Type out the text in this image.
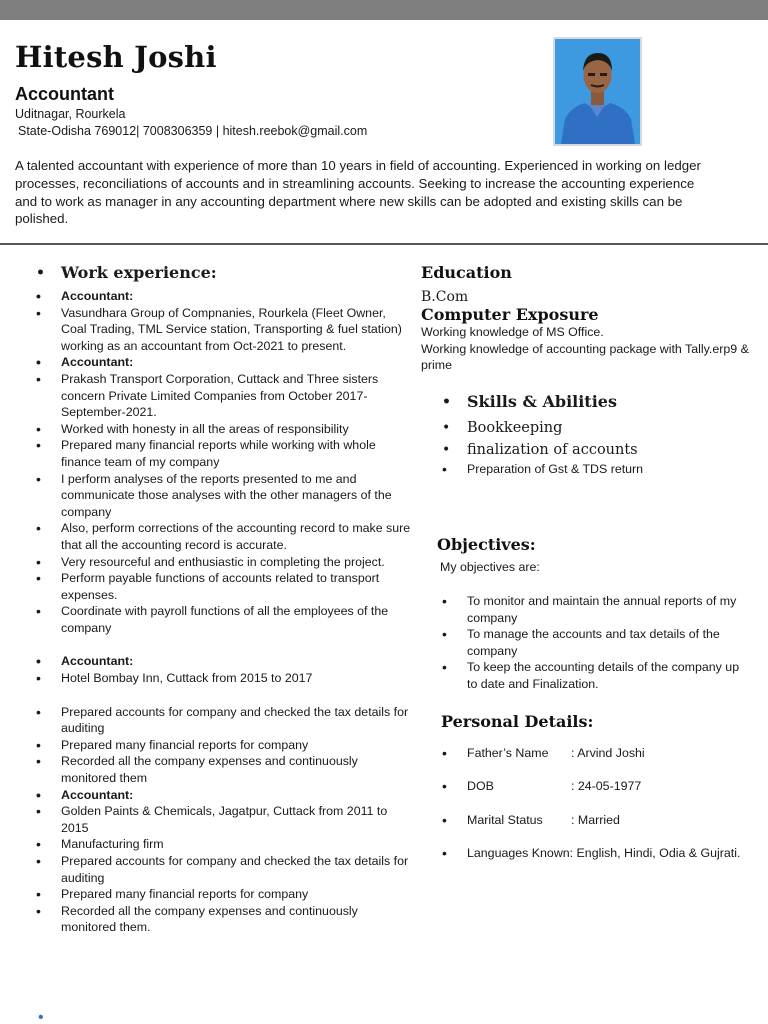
Hitesh Joshi
Accountant
Uditnagar, Rourkela
State-Odisha 769012| 7008306359 | hitesh.reebok@gmail.com
A talented accountant with experience of more than 10 years in field of accounting. Experienced in working on ledger processes, reconciliations of accounts and in streamlining accounts. Seeking to increase the accounting experience and to work as manager in any accounting department where new skills can be adopted and existing skills can be polished.
• Work experience:
• Accountant:
• Vasundhara Group of Compnanies, Rourkela (Fleet Owner, Coal Trading, TML Service station, Transporting & fuel station) working as an accountant from Oct-2021 to present.
• Accountant:
• Prakash Transport Corporation, Cuttack and Three sisters concern Private Limited Companies from October 2017-September-2021.
• Worked with honesty in all the areas of responsibility
• Prepared many financial reports while working with whole finance team of my company
• I perform analyses of the reports presented to me and communicate those analyses with the other managers of the company
• Also, perform corrections of the accounting record to make sure that all the accounting record is accurate.
• Very resourceful and enthusiastic in completing the project.
• Perform payable functions of accounts related to transport expenses.
• Coordinate with payroll functions of all the employees of the company
• Accountant:
• Hotel Bombay Inn, Cuttack from 2015 to 2017
• Prepared accounts for company and checked the tax details for auditing
• Prepared many financial reports for company
• Recorded all the company expenses and continuously monitored them
• Accountant:
• Golden Paints & Chemicals, Jagatpur, Cuttack from 2011 to 2015
• Manufacturing firm
• Prepared accounts for company and checked the tax details for auditing
• Prepared many financial reports for company
• Recorded all the company expenses and continuously monitored them.
•
Education
B.Com
Computer Exposure
Working knowledge of MS Office.
Working knowledge of accounting package with Tally.erp9 & prime
• Skills & Abilities
• Bookkeeping
• finalization of accounts
• Preparation of Gst & TDS return
Objectives:
My objectives are:
• To monitor and maintain the annual reports of my company
• To manage the accounts and tax details of the company
• To keep the accounting details of the company up to date and Finalization.
Personal Details:
• Father’s Name	: Arvind Joshi
• DOB	: 24-05-1977
• Marital Status	: Married
• Languages Known: English, Hindi, Odia & Gujrati.
